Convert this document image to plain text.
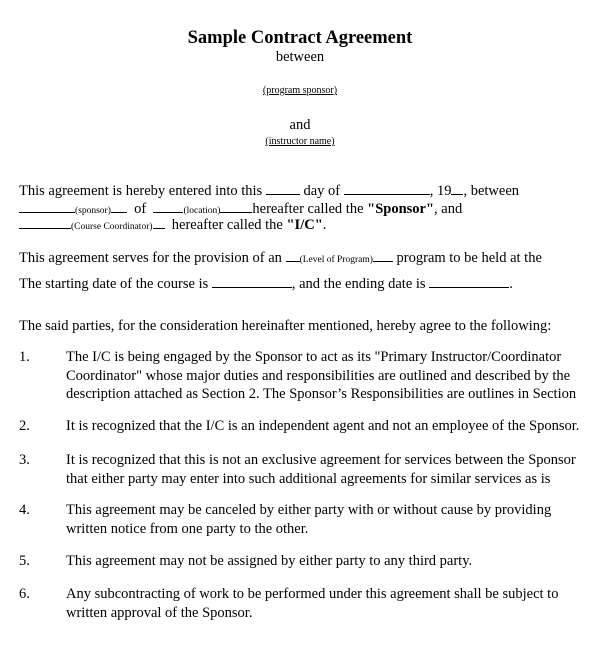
Sample Contract Agreement
between
(program sponsor)
and
(instructor name)
This agreement is hereby entered into this	day of	, 19 , between
(sponsor) of	(location) hereafter called the "Sponsor", and
(Course Coordinator) hereafter called the "I/C".
This agreement serves for the provision of an (Level of Program) program to be held at the
The starting date of the course is	, and the ending date is	.
The said parties, for the consideration hereinafter mentioned, hereby agree to the following:
1. The I/C is being engaged by the Sponsor to act as its "Primary Instructor/Coordinator
Coordinator" whose major duties and responsibilities are outlined and described by the
description attached as Section 2. The Sponsor’s Responsibilities are outlines in Section
2. It is recognized that the I/C is an independent agent and not an employee of the Sponsor.
3. It is recognized that this is not an exclusive agreement for services between the Sponsor
that either party may enter into such additional agreements for similar services as is
4. This agreement may be canceled by either party with or without cause by providing
written notice from one party to the other.
5. This agreement may not be assigned by either party to any third party.
6. Any subcontracting of work to be performed under this agreement shall be subject to
written approval of the Sponsor.
